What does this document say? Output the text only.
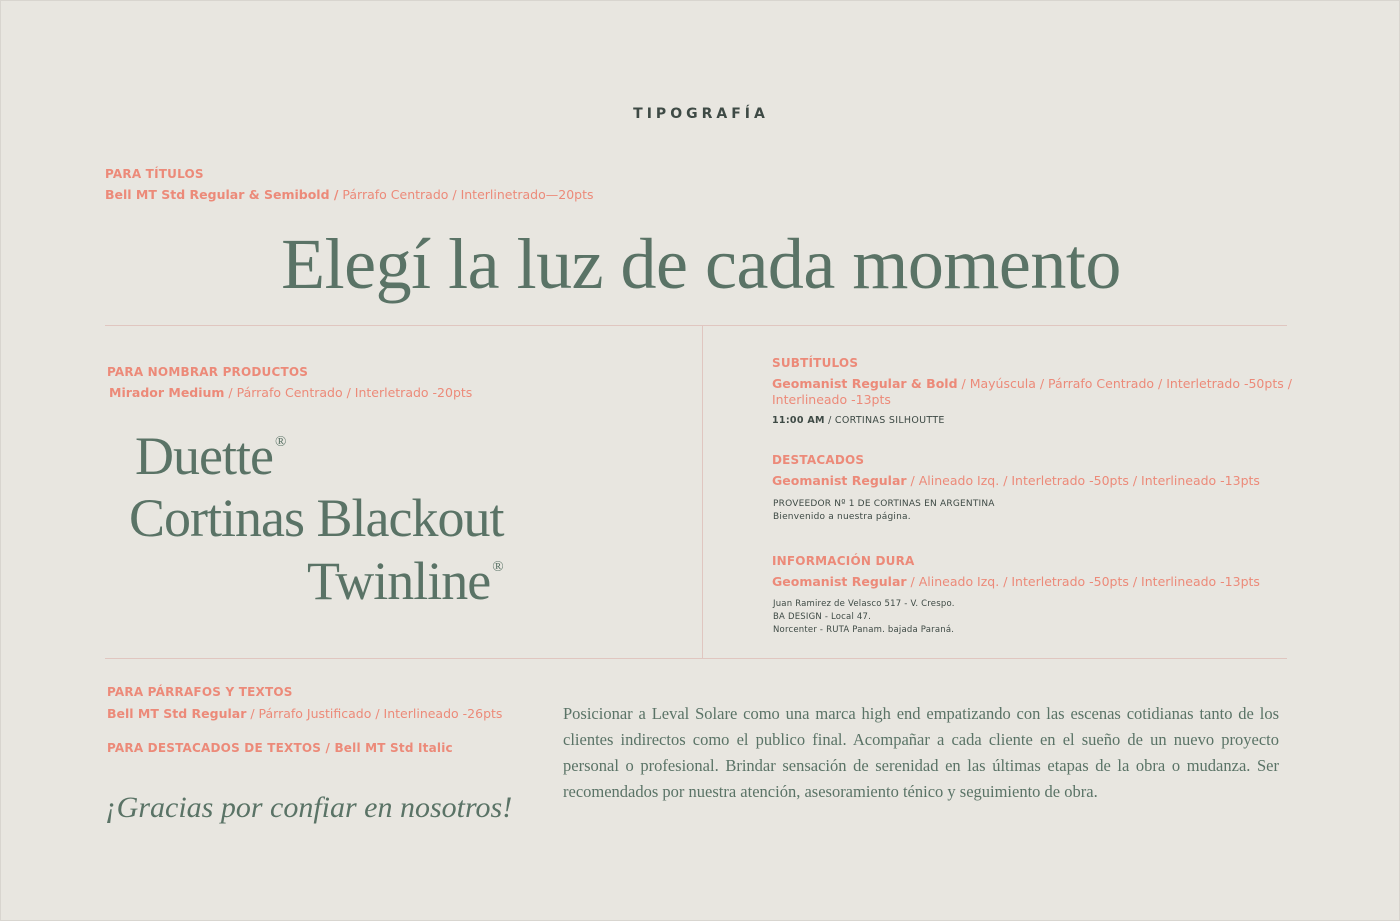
TIPOGRAFÍA
PARA TÍTULOS
Bell MT Std Regular & Semibold / Párrafo Centrado / Interlinetrado—20pts
Elegí la luz de cada momento
PARA NOMBRAR PRODUCTOS
Mirador Medium / Párrafo Centrado / Interletrado -20pts
Duette ®
Cortinas Blackout
Twinline ®
SUBTÍTULOS
Geomanist Regular & Bold / Mayúscula / Párrafo Centrado / Interletrado -50pts /
Interlineado -13pts
11:00 AM / CORTINAS SILHOUTTE
DESTACADOS
Geomanist Regular / Alineado Izq. / Interletrado -50pts / Interlineado -13pts
PROVEEDOR Nº 1 DE CORTINAS EN ARGENTINA
Bienvenido a nuestra página.
INFORMACIÓN DURA
Geomanist Regular / Alineado Izq. / Interletrado -50pts / Interlineado -13pts
Juan Ramirez de Velasco 517 - V. Crespo.
BA DESIGN - Local 47.
Norcenter - RUTA Panam. bajada Paraná.
PARA PÁRRAFOS Y TEXTOS
Bell MT Std Regular / Párrafo Justificado / Interlineado -26pts
PARA DESTACADOS DE TEXTOS / Bell MT Std Italic
¡Gracias por confiar en nosotros!
Posicionar a Leval Solare como una marca high end empatizando con las escenas cotidianas tanto de los clientes indirectos como el publico final. Acompañar a cada cliente en el sueño de un nuevo proyecto personal o profesional. Brindar sensación de serenidad en las últimas etapas de la obra o mudanza. Ser recomendados por nuestra atención, asesoramiento ténico y seguimiento de obra.
